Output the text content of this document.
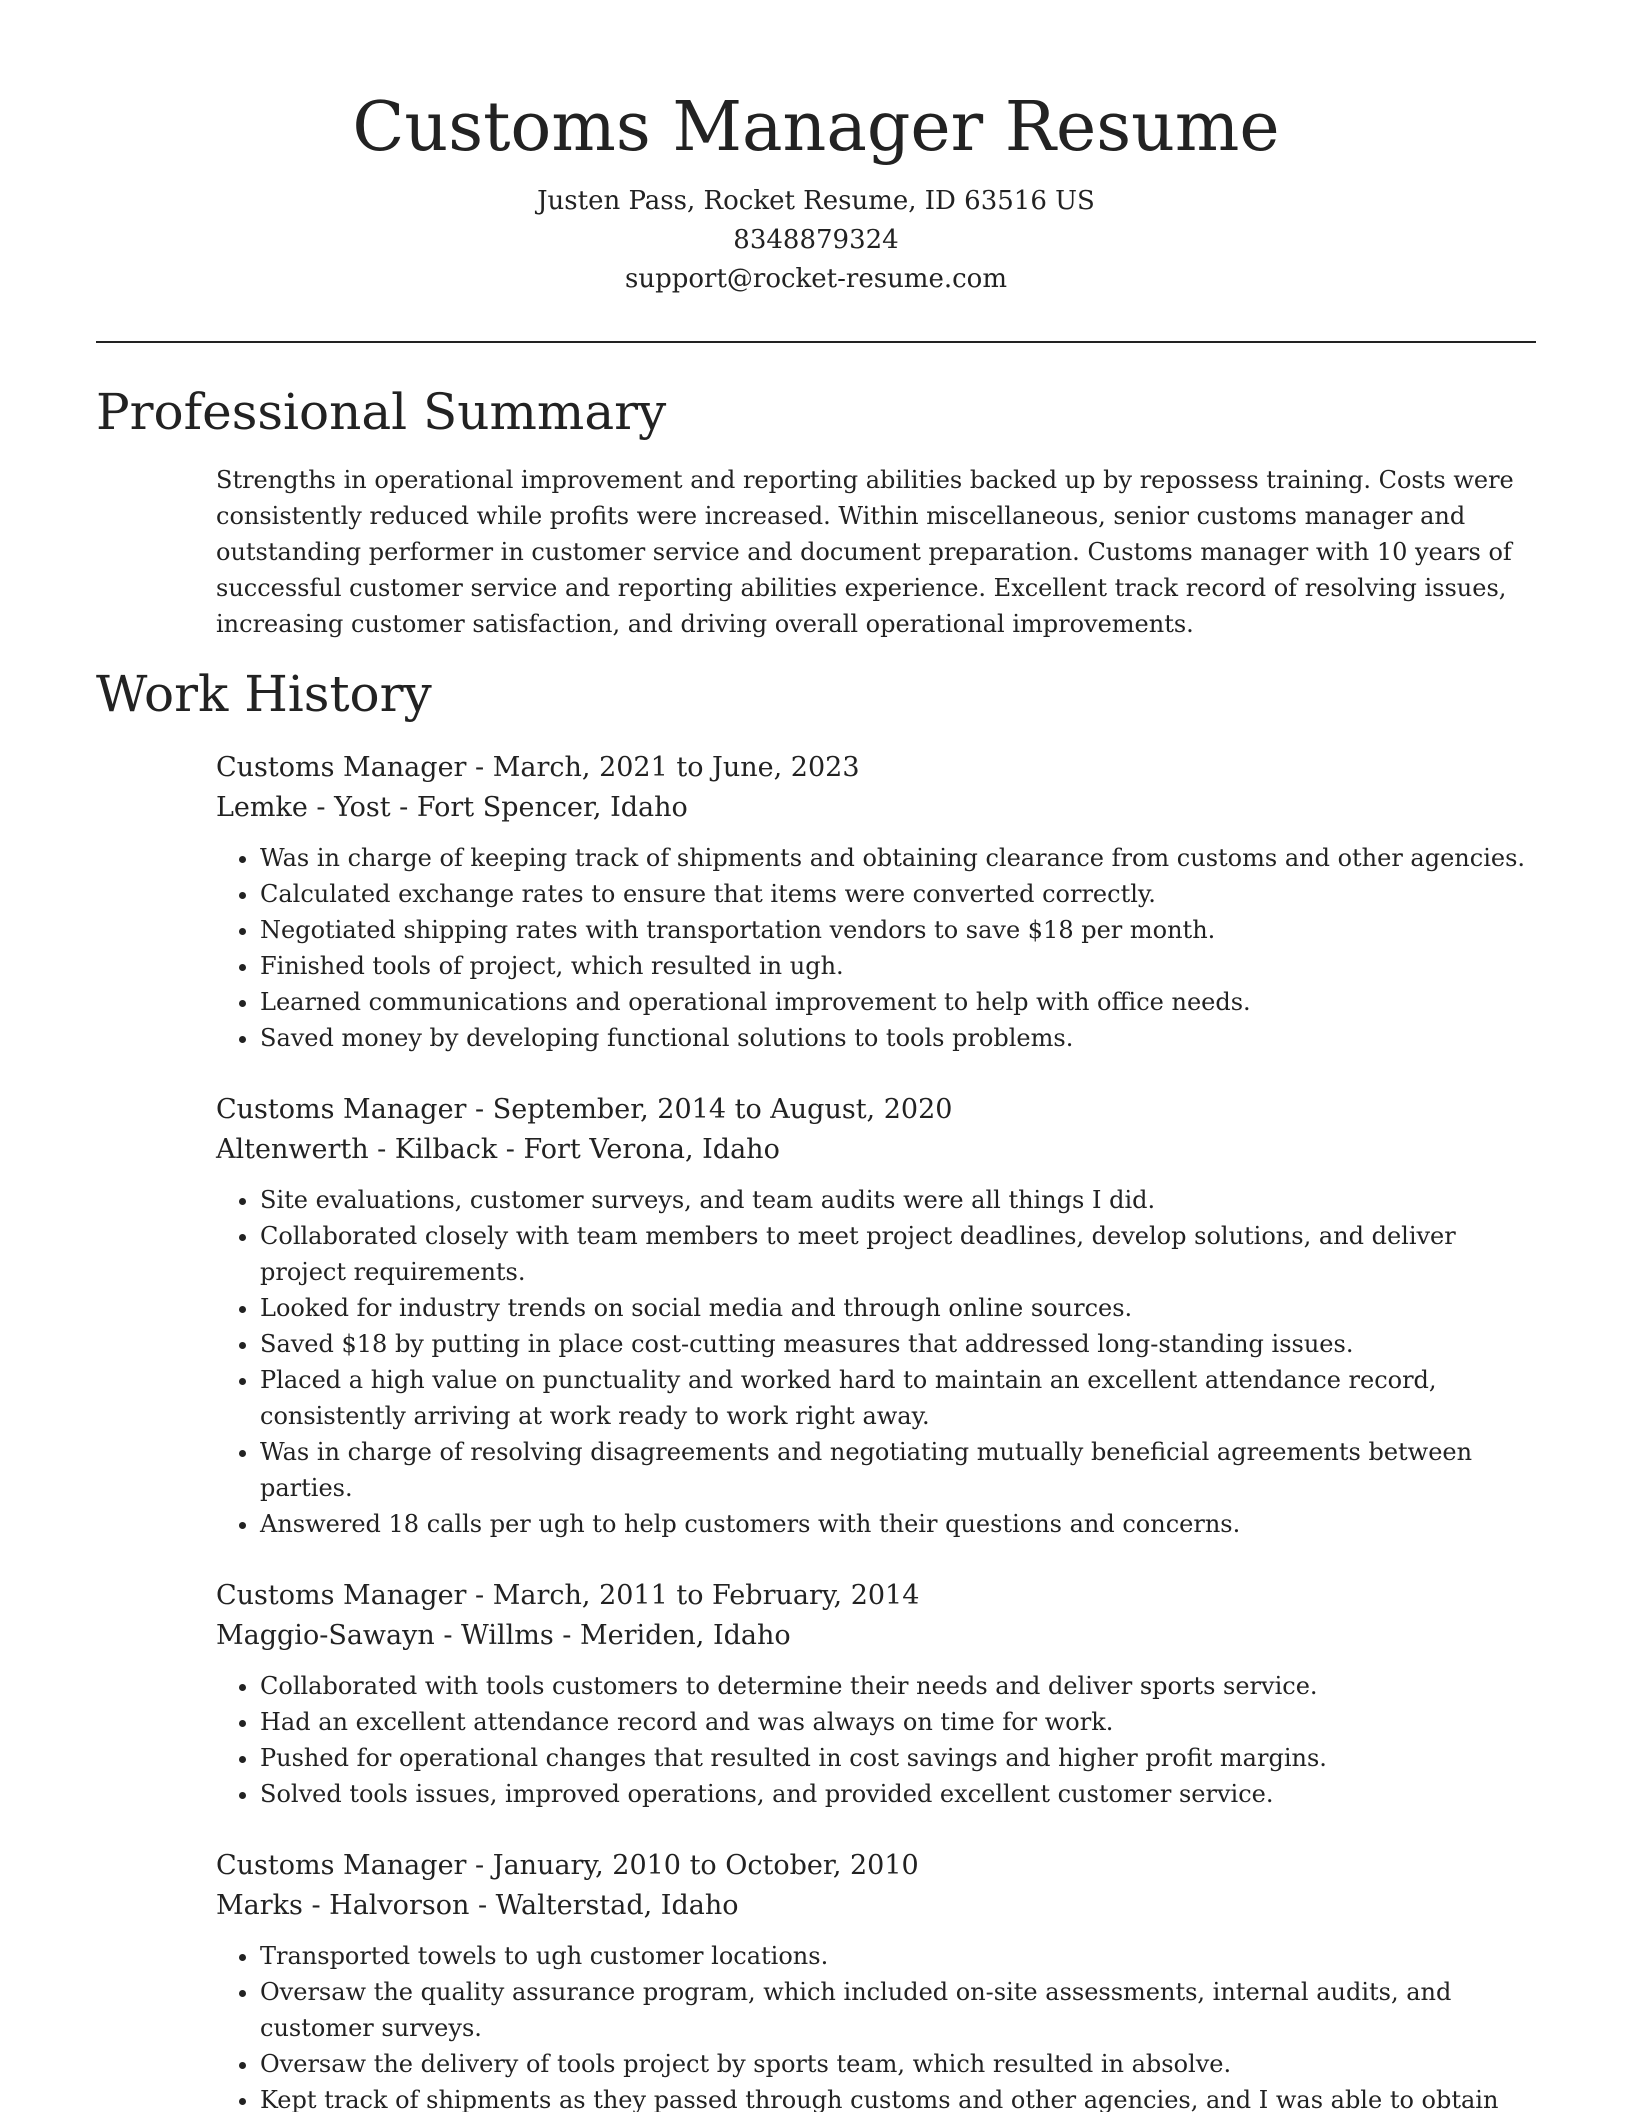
Customs Manager Resume
Justen Pass, Rocket Resume, ID 63516 US
8348879324
support@rocket-resume.com
Professional Summary

Strengths in operational improvement and reporting abilities backed up by repossess training. Costs were consistently reduced while profits were increased. Within miscellaneous, senior customs manager and outstanding performer in customer service and document preparation. Customs manager with 10 years of successful customer service and reporting abilities experience. Excellent track record of resolving issues, increasing customer satisfaction, and driving overall operational improvements.

Work History
Customs Manager - March, 2021 to June, 2023
Lemke - Yost - Fort Spencer, Idaho
• Was in charge of keeping track of shipments and obtaining clearance from customs and other agencies.
• Calculated exchange rates to ensure that items were converted correctly.
• Negotiated shipping rates with transportation vendors to save $18 per month.
• Finished tools of project, which resulted in ugh.
• Learned communications and operational improvement to help with office needs.
• Saved money by developing functional solutions to tools problems.
Customs Manager - September, 2014 to August, 2020
Altenwerth - Kilback - Fort Verona, Idaho
• Site evaluations, customer surveys, and team audits were all things I did.
• Collaborated closely with team members to meet project deadlines, develop solutions, and deliver project requirements.
• Looked for industry trends on social media and through online sources.
• Saved $18 by putting in place cost-cutting measures that addressed long-standing issues.
• Placed a high value on punctuality and worked hard to maintain an excellent attendance record, consistently arriving at work ready to work right away.
• Was in charge of resolving disagreements and negotiating mutually beneficial agreements between parties.
• Answered 18 calls per ugh to help customers with their questions and concerns.
Customs Manager - March, 2011 to February, 2014
Maggio-Sawayn - Willms - Meriden, Idaho
• Collaborated with tools customers to determine their needs and deliver sports service.
• Had an excellent attendance record and was always on time for work.
• Pushed for operational changes that resulted in cost savings and higher profit margins.
• Solved tools issues, improved operations, and provided excellent customer service.
Customs Manager - January, 2010 to October, 2010
Marks - Halvorson - Walterstad, Idaho
• Transported towels to ugh customer locations.
• Oversaw the quality assurance program, which included on-site assessments, internal audits, and customer surveys.
• Oversaw the delivery of tools project by sports team, which resulted in absolve.
• Kept track of shipments as they passed through customs and other agencies, and I was able to obtain
